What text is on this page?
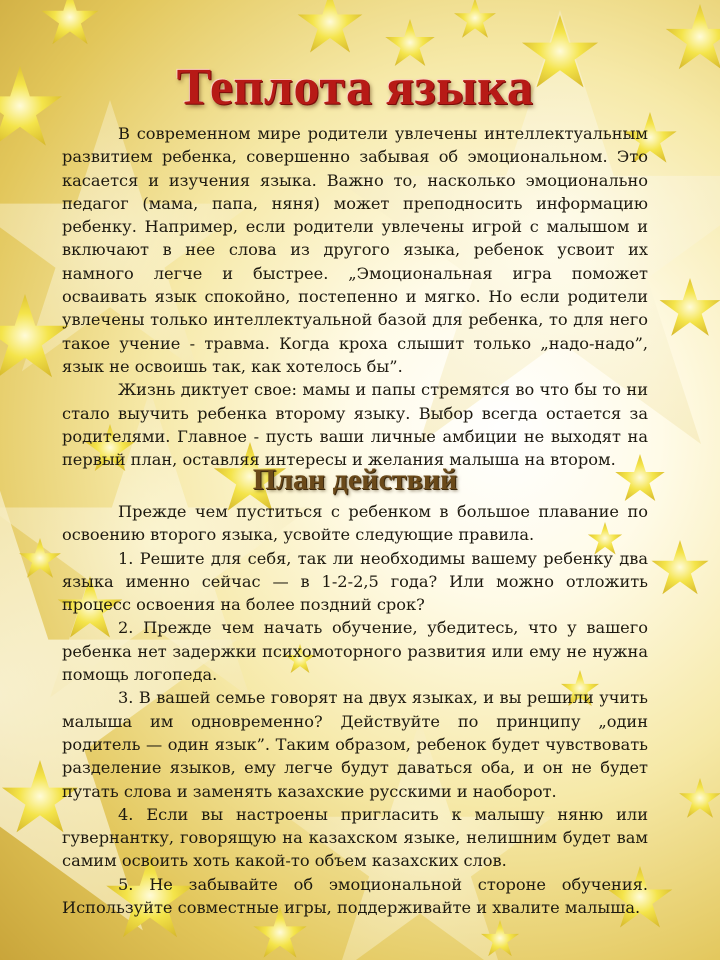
Теплота языка

В современном мире родители увлечены интеллектуальным развитием ребенка, совершенно забывая об эмоциональном. Это касается и изучения языка. Важно то, насколько эмоционально педагог (мама, папа, няня) может преподносить информацию ребенку. Например, если родители увлечены игрой с малышом и включают в нее слова из другого языка, ребенок усвоит их намного легче и быстрее. „Эмоциональная игра поможет осваивать язык спокойно, постепенно и мягко. Но если родители увлечены только интеллектуальной базой для ребенка, то для него такое учение - травма. Когда кроха слышит только „надо-надо”, язык не освоишь так, как хотелось бы”.

Жизнь диктует свое: мамы и папы стремятся во что бы то ни стало выучить ребенка второму языку. Выбор всегда остается за родителями. Главное - пусть ваши личные амбиции не выходят на первый план, оставляя интересы и желания малыша на втором.

План действий

Прежде чем пуститься с ребенком в большое плавание по освоению второго языка, усвойте следующие правила.

1. Решите для себя, так ли необходимы вашему ребенку два языка именно сейчас — в 1-2-2,5 года? Или можно отложить процесс освоения на более поздний срок?

2. Прежде чем начать обучение, убедитесь, что у вашего ребенка нет задержки психомоторного развития или ему не нужна помощь логопеда.

3. В вашей семье говорят на двух языках, и вы решили учить малыша им одновременно? Действуйте по принципу „один родитель — один язык”. Таким образом, ребенок будет чувствовать разделение языков, ему легче будут даваться оба, и он не будет путать слова и заменять казахские русскими и наоборот.

4. Если вы настроены пригласить к малышу няню или гувернантку, говорящую на казахском языке, нелишним будет вам самим освоить хоть какой-то объем казахских слов.

5. Не забывайте об эмоциональной стороне обучения. Используйте совместные игры, поддерживайте и хвалите малыша.
